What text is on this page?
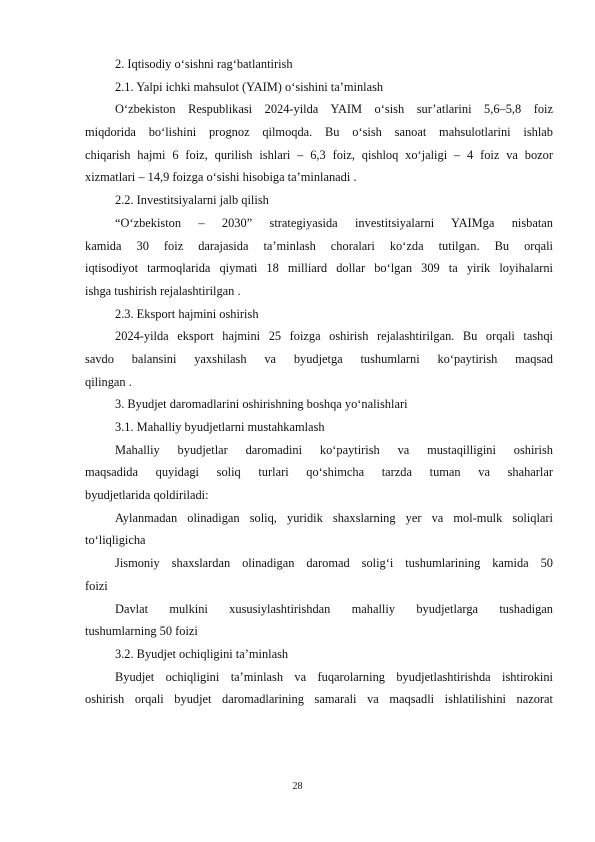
2. Iqtisodiy o‘sishni rag‘batlantirish
2.1. Yalpi ichki mahsulot (YAIM) o‘sishini ta’minlash
O‘zbekiston Respublikasi 2024-yilda YAIM o‘sish sur’atlarini 5,6–5,8 foiz
miqdorida bo‘lishini prognoz qilmoqda. Bu o‘sish sanoat mahsulotlarini ishlab
chiqarish hajmi 6 foiz, qurilish ishlari – 6,3 foiz, qishloq xo‘jaligi – 4 foiz va bozor
xizmatlari – 14,9 foizga o‘sishi hisobiga ta’minlanadi .
2.2. Investitsiyalarni jalb qilish
“O‘zbekiston – 2030” strategiyasida investitsiyalarni YAIMga nisbatan
kamida 30 foiz darajasida ta’minlash choralari ko‘zda tutilgan. Bu orqali
iqtisodiyot tarmoqlarida qiymati 18 milliard dollar bo‘lgan 309 ta yirik loyihalarni
ishga tushirish rejalashtirilgan .
2.3. Eksport hajmini oshirish
2024-yilda eksport hajmini 25 foizga oshirish rejalashtirilgan. Bu orqali tashqi
savdo balansini yaxshilash va byudjetga tushumlarni ko‘paytirish maqsad
qilingan .
3. Byudjet daromadlarini oshirishning boshqa yo‘nalishlari
3.1. Mahalliy byudjetlarni mustahkamlash
Mahalliy byudjetlar daromadini ko‘paytirish va mustaqilligini oshirish
maqsadida quyidagi soliq turlari qo‘shimcha tarzda tuman va shaharlar
byudjetlarida qoldiriladi:
Aylanmadan olinadigan soliq, yuridik shaxslarning yer va mol-mulk soliqlari
to‘liqligicha
Jismoniy shaxslardan olinadigan daromad solig‘i tushumlarining kamida 50
foizi
Davlat mulkini xususiylashtirishdan mahalliy byudjetlarga tushadigan
tushumlarning 50 foizi
3.2. Byudjet ochiqligini ta’minlash
Byudjet ochiqligini ta’minlash va fuqarolarning byudjetlashtirishda ishtirokini
oshirish orqali byudjet daromadlarining samarali va maqsadli ishlatilishini nazorat
28
